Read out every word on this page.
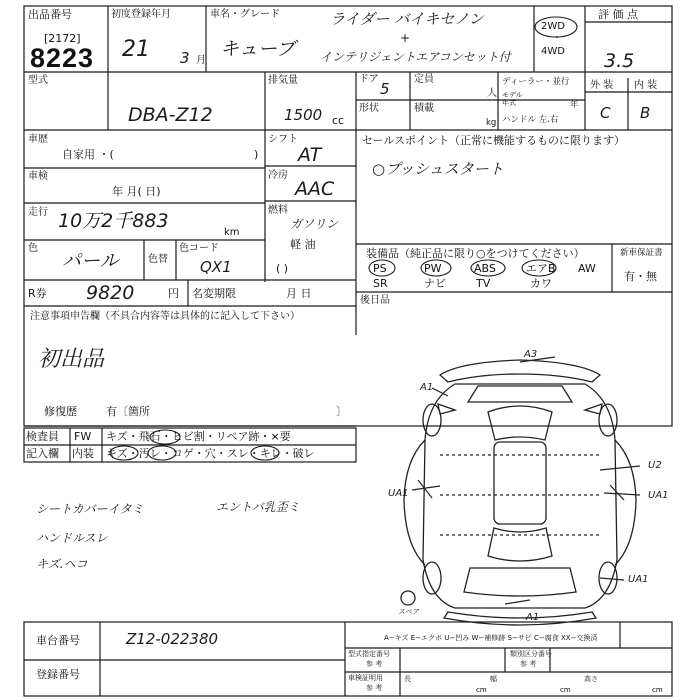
出品番号
[2172]
8223
初度登録年月
21 3 月
車名・グレード
キューブ
ライダー バイキセノン
+
インテリジェントエアコンセット付
2WD
・
4WD
評 価 点
3.5
外 装 内 装
C B
型式
DBA-Z12
排気量
1500 cc
ドア
5
定員
人
形状	積載
kg
ディーラー・並行
モデル
年式	年
ハンドル 左.右
車歴
自家用 ・(	)
シフト
AT
車検
年 月( 日)
冷房
AAC
走行 10万2千883
km
燃料
ガソリン
軽 油
( )
色
パール	色替
色コード
QX1
R券 9820	円 名変期限	月 日
セールスポイント（正常に機能するものに限ります）
○プッシュスタート
装備品（純正品に限り○をつけてください）
PS	PW	ABS	エアB AW
SR	ナビ	TV	カワ
新車保証書
有・無
後日品
注意事項申告欄（不具合内容等は具体的に記入して下さい）
初出品
修復歴	有〔箇所	〕
検査員
記入欄
FW キズ・飛石・ヒビ割・リペア跡・×要
内装 キズ・汚レ・コゲ・穴・スレ・キレ・破レ
シートカバーイタミ
ハンドルスレ
キズ.ヘコ
エントバ乳歪ミ
A3
A1
UA1
U2
UA1
UA1
A1
スペア
A−キズ E−エクボ U−凹み W−補修跡 S−サビ C−腐食 XX−交換済
車台番号	Z12-022380
登録番号
型式指定番号
参 考
類別区分番号
参 考
車検証明用
参 考
長
cm
幅
cm
高さ
cm
